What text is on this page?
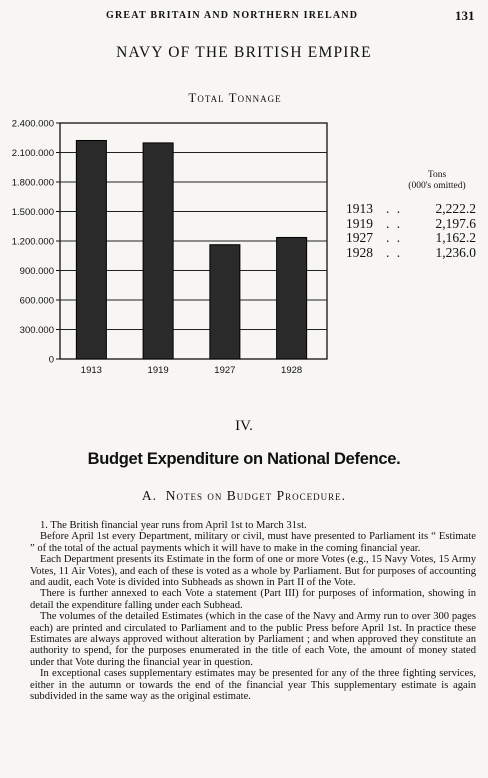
GREAT BRITAIN AND NORTHERN IRELAND	131
NAVY OF THE BRITISH EMPIRE
Total Tonnage
0
300.000
600.000
900.000
1.200.000
1.500.000
1.800.000
2.100.000
2.400.000
1913	1919	1927	1928
Tons
(000's omitted)
1913 . . 2,222.2
1919 . . 2,197.6
1927 . . 1,162.2
1928 . . 1,236.0
IV.
Budget Expenditure on National Defence.
A. Notes on Budget Procedure.

1. The British financial year runs from April 1st to March 31st.

Before April 1st every Department, military or civil, must have presented to Parliament its “ Estimate ” of the total of the actual payments which it will have to make in the coming financial year.

Each Department presents its Estimate in the form of one or more Votes (e.g., 15 Navy Votes, 15 Army Votes, 11 Air Votes), and each of these is voted as a whole by Parliament. But for purposes of accounting and audit, each Vote is divided into Subheads as shown in Part II of the Vote.

There is further annexed to each Vote a statement (Part III) for purposes of information, showing in detail the expenditure falling under each Subhead.

The volumes of the detailed Estimates (which in the case of the Navy and Army run to over 300 pages each) are printed and circulated to Parliament and to the public Press before April 1st. In practice these Estimates are always approved without alteration by Parliament ; and when approved they constitute an authority to spend, for the purposes enumerated in the title of each Vote, the amount of money stated under that Vote during the financial year in question.

In exceptional cases supplementary estimates may be presented for any of the three fighting services, either in the autumn or towards the end of the financial year This supplementary estimate is again subdivided in the same way as the original estimate.
